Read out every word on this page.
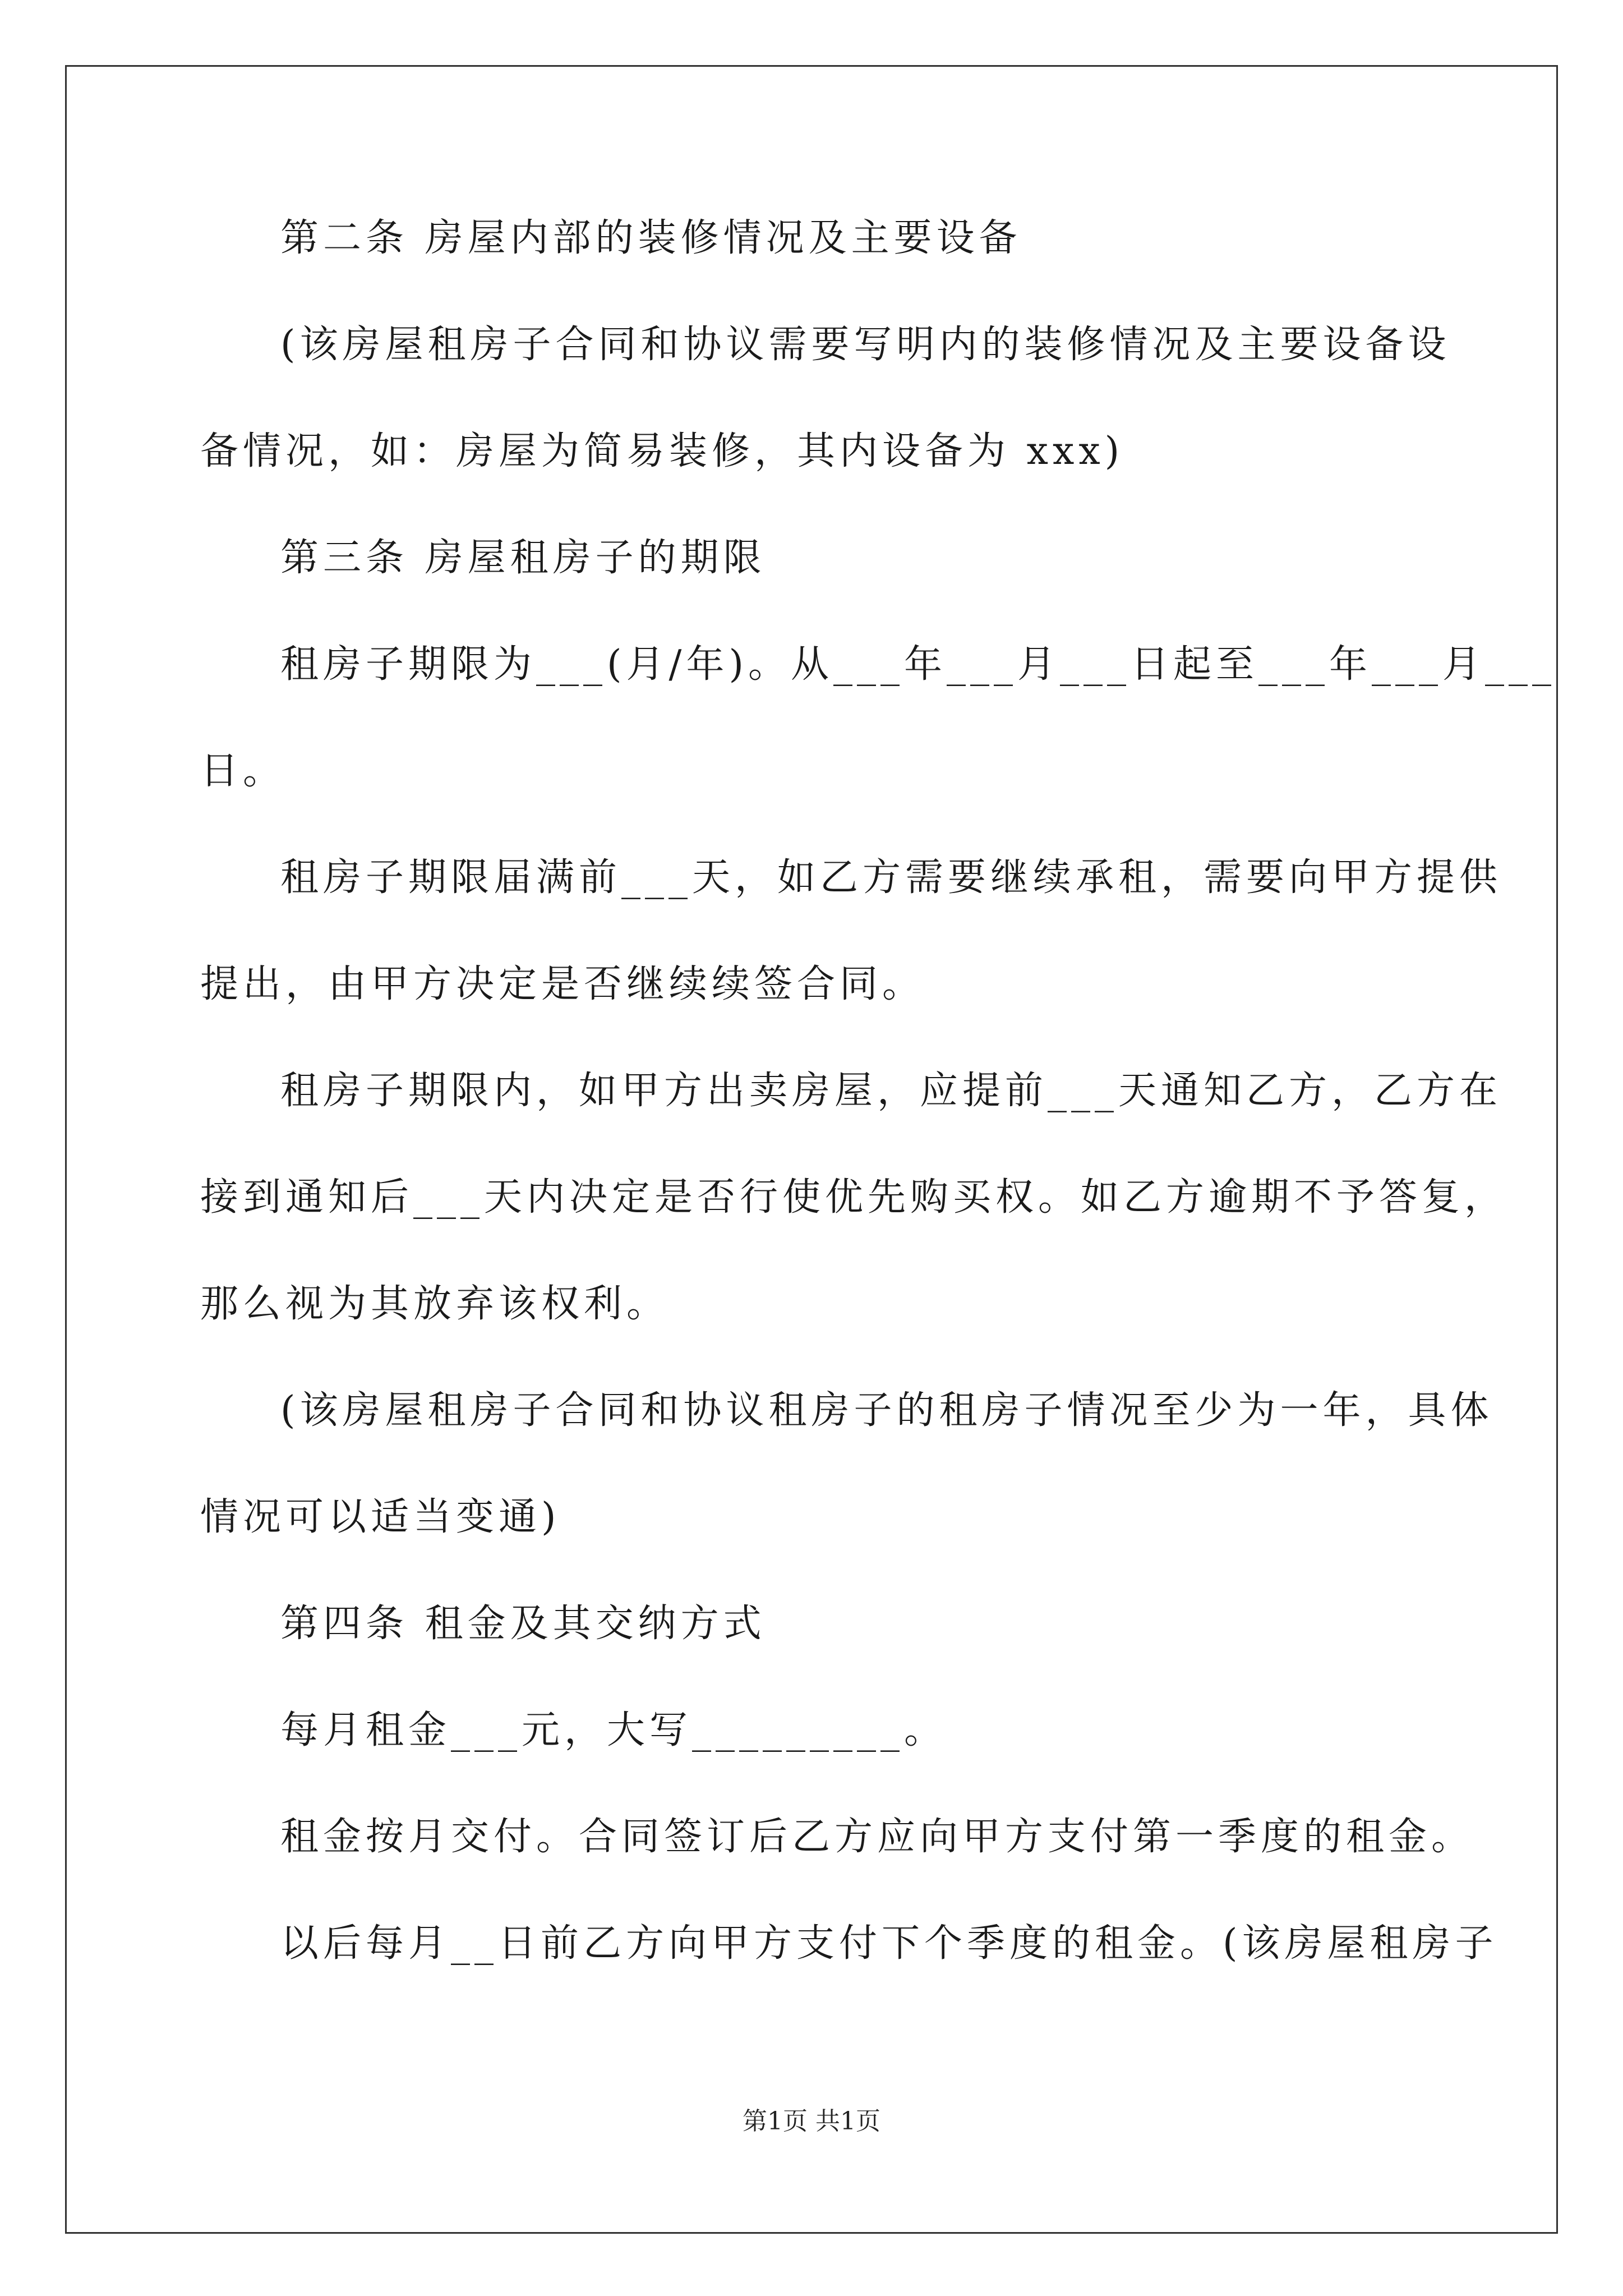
第二条 房屋内部的装修情况及主要设备
(该房屋租房子合同和协议需要写明内的装修情况及主要设备设
备情况，如：房屋为简易装修，其内设备为 xxx)
第三条 房屋租房子的期限
租房子期限为___(月/年)。从___年___月___日起至___年___月___
日。
租房子期限届满前___天，如乙方需要继续承租，需要向甲方提供
提出，由甲方决定是否继续续签合同。
租房子期限内，如甲方出卖房屋，应提前___天通知乙方，乙方在
接到通知后___天内决定是否行使优先购买权。如乙方逾期不予答复，
那么视为其放弃该权利。
(该房屋租房子合同和协议租房子的租房子情况至少为一年，具体
情况可以适当变通)
第四条 租金及其交纳方式
每月租金___元，大写_________。
租金按月交付。合同签订后乙方应向甲方支付第一季度的租金。
以后每月__日前乙方向甲方支付下个季度的租金。(该房屋租房子
第1页 共1页
